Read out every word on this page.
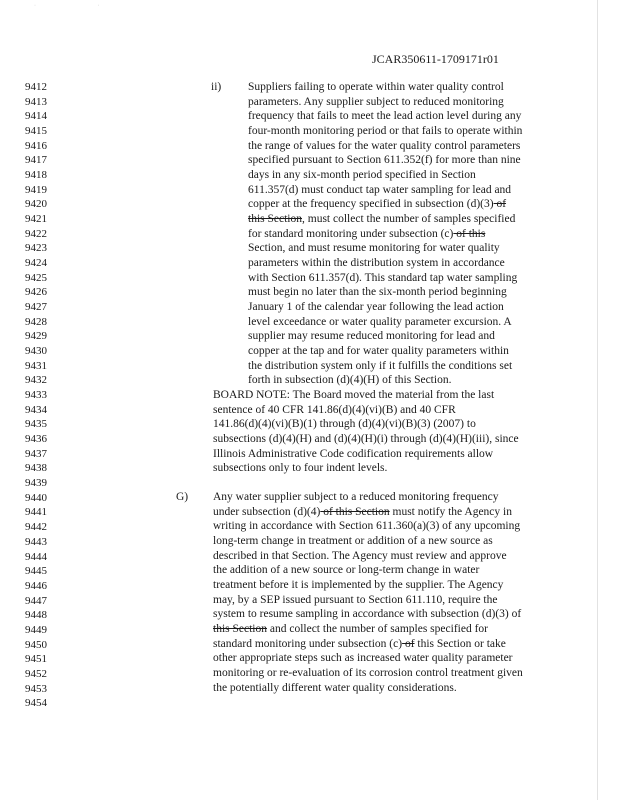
· ·
JCAR350611-1709171r01
9412
9413
9414
9415
9416
9417
9418
9419
9420
9421
9422
9423
9424
9425
9426
9427
9428
9429
9430
9431
9432
9433
9434
9435
9436
9437
9438
9439
9440
9441
9442
9443
9444
9445
9446
9447
9448
9449
9450
9451
9452
9453
9454
ii) Suppliers failing to operate within water quality control
parameters. Any supplier subject to reduced monitoring
frequency that fails to meet the lead action level during any
four-month monitoring period or that fails to operate within
the range of values for the water quality control parameters
specified pursuant to Section 611.352(f) for more than nine
days in any six-month period specified in Section
611.357(d) must conduct tap water sampling for lead and
copper at the frequency specified in subsection (d)(3) of
this Section, must collect the number of samples specified
for standard monitoring under subsection (c) of this
Section, and must resume monitoring for water quality
parameters within the distribution system in accordance
with Section 611.357(d). This standard tap water sampling
must begin no later than the six-month period beginning
January 1 of the calendar year following the lead action
level exceedance or water quality parameter excursion. A
supplier may resume reduced monitoring for lead and
copper at the tap and for water quality parameters within
the distribution system only if it fulfills the conditions set
forth in subsection (d)(4)(H) of this Section.
BOARD NOTE: The Board moved the material from the last
sentence of 40 CFR 141.86(d)(4)(vi)(B) and 40 CFR
141.86(d)(4)(vi)(B)(1) through (d)(4)(vi)(B)(3) (2007) to
subsections (d)(4)(H) and (d)(4)(H)(i) through (d)(4)(H)(iii), since
Illinois Administrative Code codification requirements allow
subsections only to four indent levels.
G) Any water supplier subject to a reduced monitoring frequency
under subsection (d)(4) of this Section must notify the Agency in
writing in accordance with Section 611.360(a)(3) of any upcoming
long-term change in treatment or addition of a new source as
described in that Section. The Agency must review and approve
the addition of a new source or long-term change in water
treatment before it is implemented by the supplier. The Agency
may, by a SEP issued pursuant to Section 611.110, require the
system to resume sampling in accordance with subsection (d)(3) of
this Section and collect the number of samples specified for
standard monitoring under subsection (c) of this Section or take
other appropriate steps such as increased water quality parameter
monitoring or re-evaluation of its corrosion control treatment given
the potentially different water quality considerations.
